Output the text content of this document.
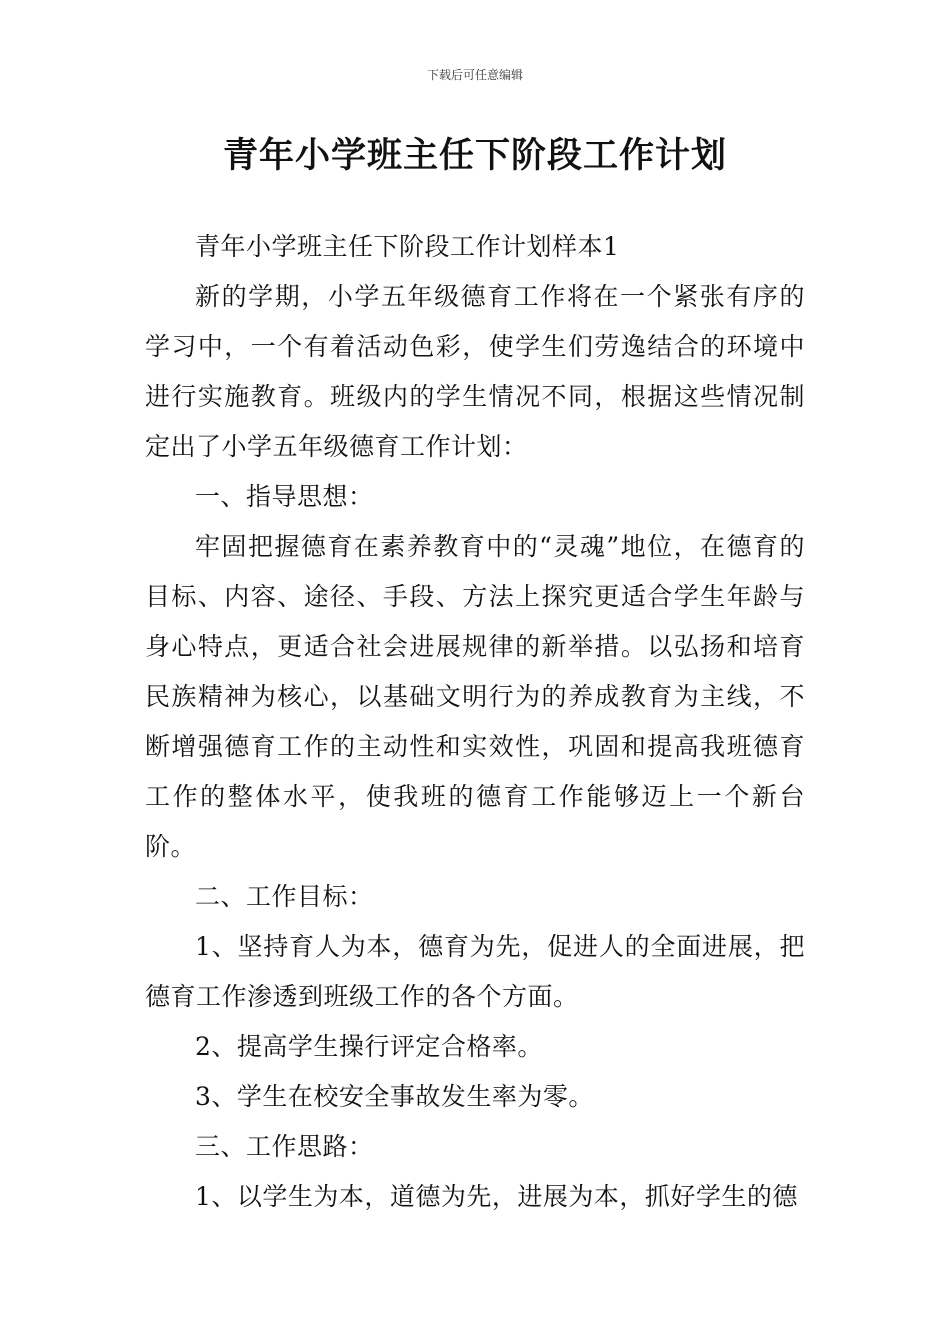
下载后可任意编辑
青年小学班主任下阶段工作计划

青年小学班主任下阶段工作计划样本1

新的学期，小学五年级德育工作将在一个紧张有序的学习中，一个有着活动色彩，使学生们劳逸结合的环境中进行实施教育。班级内的学生情况不同，根据这些情况制定出了小学五年级德育工作计划：

一、指导思想：

牢固把握德育在素养教育中的“灵魂”地位，在德育的目标、内容、途径、手段、方法上探究更适合学生年龄与身心特点，更适合社会进展规律的新举措。以弘扬和培育民族精神为核心，以基础文明行为的养成教育为主线，不断增强德育工作的主动性和实效性，巩固和提高我班德育工作的整体水平，使我班的德育工作能够迈上一个新台阶。

二、工作目标：

1、坚持育人为本，德育为先，促进人的全面进展，把德育工作渗透到班级工作的各个方面。

2、提高学生操行评定合格率。

3、学生在校安全事故发生率为零。

三、工作思路：

1、以学生为本，道德为先，进展为本，抓好学生的德
